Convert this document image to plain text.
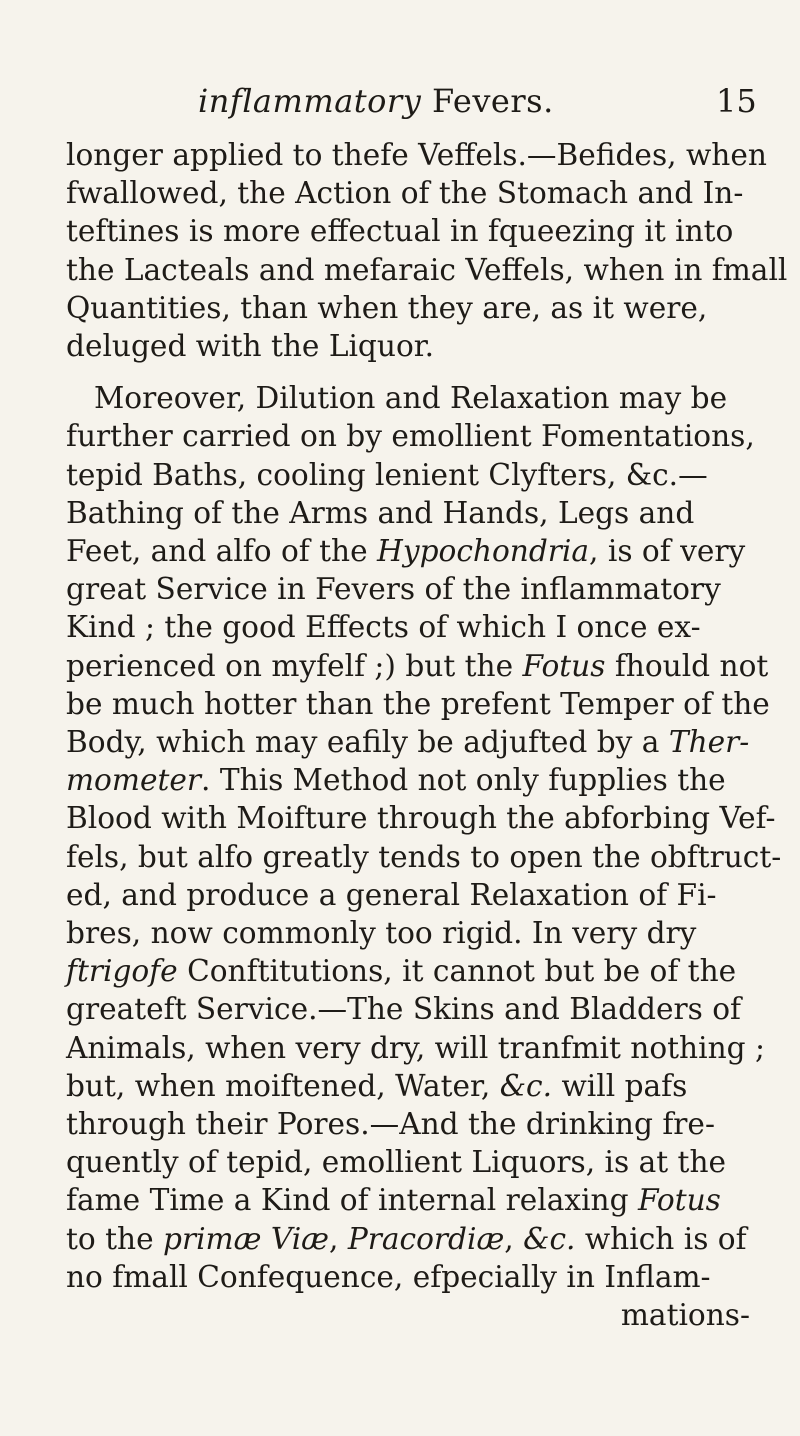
inflammatory Fevers.	15
longer applied to thefe Veffels.—Befides, when
fwallowed, the Action of the Stomach and In-
teftines is more effectual in fqueezing it into
the Lacteals and mefaraic Veffels, when in fmall
Quantities, than when they are, as it were,
deluged with the Liquor.
Moreover, Dilution and Relaxation may be
further carried on by emollient Fomentations,
tepid Baths, cooling lenient Clyfters, &c.—
Bathing of the Arms and Hands, Legs and
Feet, and alfo of the Hypochondria, is of very
great Service in Fevers of the inflammatory
Kind ; the good Effects of which I once ex-
perienced on myfelf ;) but the Fotus fhould not
be much hotter than the prefent Temper of the
Body, which may eafily be adjufted by a Ther-
mometer. This Method not only fupplies the
Blood with Moifture through the abforbing Vef-
fels, but alfo greatly tends to open the obftruct-
ed, and produce a general Relaxation of Fi-
bres, now commonly too rigid. In very dry
ftrigofe Conftitutions, it cannot but be of the
greateft Service.—The Skins and Bladders of
Animals, when very dry, will tranfmit nothing ;
but, when moiftened, Water, &c. will pafs
through their Pores.—And the drinking fre-
quently of tepid, emollient Liquors, is at the
fame Time a Kind of internal relaxing Fotus
to the primæ Viæ, Pracordiæ, &c. which is of
no fmall Confequence, efpecially in Inflam-
mations-
